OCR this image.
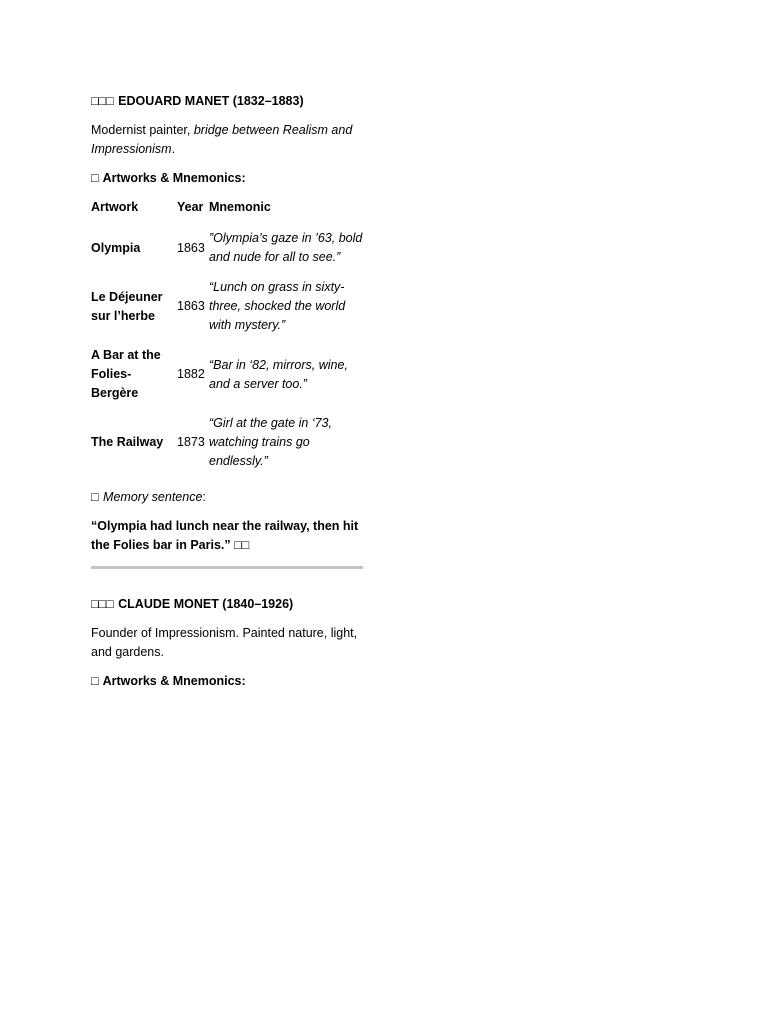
□□□ EDOUARD MANET (1832–1883)
Modernist painter, bridge between Realism and Impressionism.
□ Artworks & Mnemonics:
Artwork	Year	Mnemonic
Olympia	1863	”Olympia’s gaze in ’63, bold and nude for all to see.”
Le Déjeuner sur l’herbe	1863	“Lunch on grass in sixty-three, shocked the world with mystery.”
A Bar at the Folies-Bergère	1882	“Bar in ‘82, mirrors, wine, and a server too.”
The Railway	1873	“Girl at the gate in ‘73, watching trains go endlessly.”
□ Memory sentence:
“Olympia had lunch near the railway, then hit the Folies bar in Paris.” □□
□□□ CLAUDE MONET (1840–1926)
Founder of Impressionism. Painted nature, light, and gardens.
□ Artworks & Mnemonics:
